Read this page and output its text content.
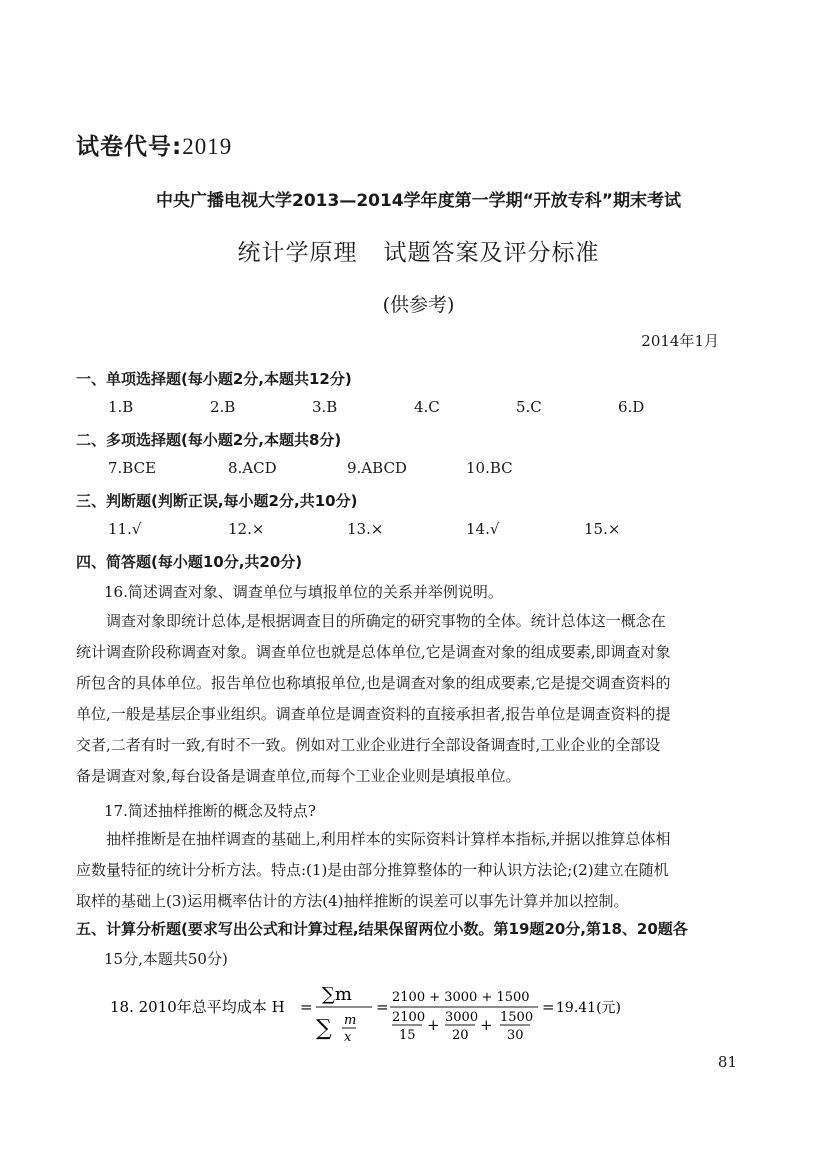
试卷代号:2019
中央广播电视大学2013—2014学年度第一学期“开放专科”期末考试
统计学原理 试题答案及评分标准
(供参考)
2014年1月
一、单项选择题(每小题2分,本题共12分)
1.B	2.B	3.B	4.C	5.C	6.D
二、多项选择题(每小题2分,本题共8分)
7.BCE	8.ACD	9.ABCD	10.BC
三、判断题(判断正误,每小题2分,共10分)
11.√	12.×	13.×	14.√	15.×
四、简答题(每小题10分,共20分)
16.简述调查对象、调查单位与填报单位的关系并举例说明。
调查对象即统计总体,是根据调查目的所确定的研究事物的全体。统计总体这一概念在
统计调查阶段称调查对象。调查单位也就是总体单位,它是调查对象的组成要素,即调查对象
所包含的具体单位。报告单位也称填报单位,也是调查对象的组成要素,它是提交调查资料的
单位,一般是基层企事业组织。调查单位是调查资料的直接承担者,报告单位是调查资料的提
交者,二者有时一致,有时不一致。例如对工业企业进行全部设备调查时,工业企业的全部设
备是调查对象,每台设备是调查单位,而每个工业企业则是填报单位。
17.简述抽样推断的概念及特点?
抽样推断是在抽样调查的基础上,利用样本的实际资料计算样本指标,并据以推算总体相
应数量特征的统计分析方法。特点:(1)是由部分推算整体的一种认识方法论;(2)建立在随机
取样的基础上(3)运用概率估计的方法(4)抽样推断的误差可以事先计算并加以控制。
五、计算分析题(要求写出公式和计算过程,结果保留两位小数。第19题20分,第18、20题各
15分,本题共50分)
18. 2010年总平均成本 H =
∑m
∑ m
x
=
2100 + 3000 + 1500
2100
15
+ 3000
20
+ 1500
30
= 19.41(元)
81
